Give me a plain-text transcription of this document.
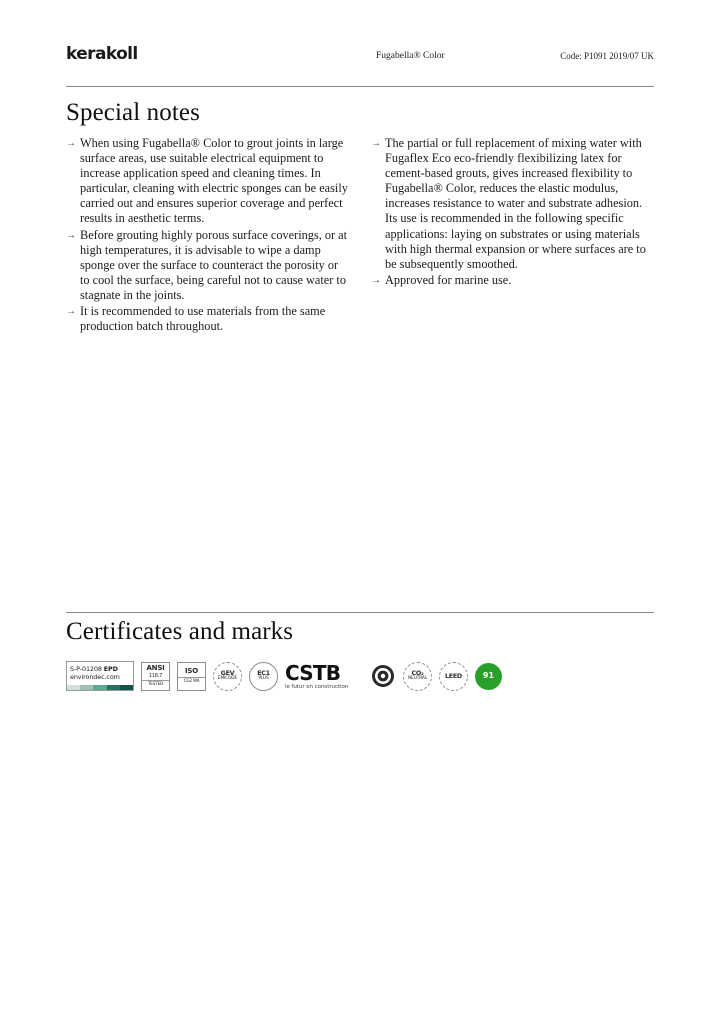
kerakoll	Fugabella® Color	Code: P1091 2019/07 UK
Special notes
→ When using Fugabella® Color to grout joints in large surface areas, use suitable electrical equipment to increase application speed and cleaning times. In particular, cleaning with electric sponges can be easily carried out and ensures superior coverage and perfect results in aesthetic terms.
→ Before grouting highly porous surface coverings, or at high temperatures, it is advisable to wipe a damp sponge over the surface to counteract the porosity or to cool the surface, being careful not to cause water to stagnate in the joints.
→ It is recommended to use materials from the same production batch throughout.
→ The partial or full replacement of mixing water with Fugaflex Eco eco-friendly flexibilizing latex for cement-based grouts, gives increased flexibility to Fugabella® Color, reduces the elastic modulus, increases resistance to water and substrate adhesion. Its use is recommended in the following specific applications: laying on substrates or using materials with high thermal expansion or where surfaces are to be subsequently smoothed.
→ Approved for marine use.
Certificates and marks
S-P-01208 EPD
environdec.com
ANSI
118.7
TESTED
ISO
CG2 WA
GEV
EMICODE
EC1
PLUS CSTB
le futur en construction
CO₂
NEUTRAL	LEED	91
